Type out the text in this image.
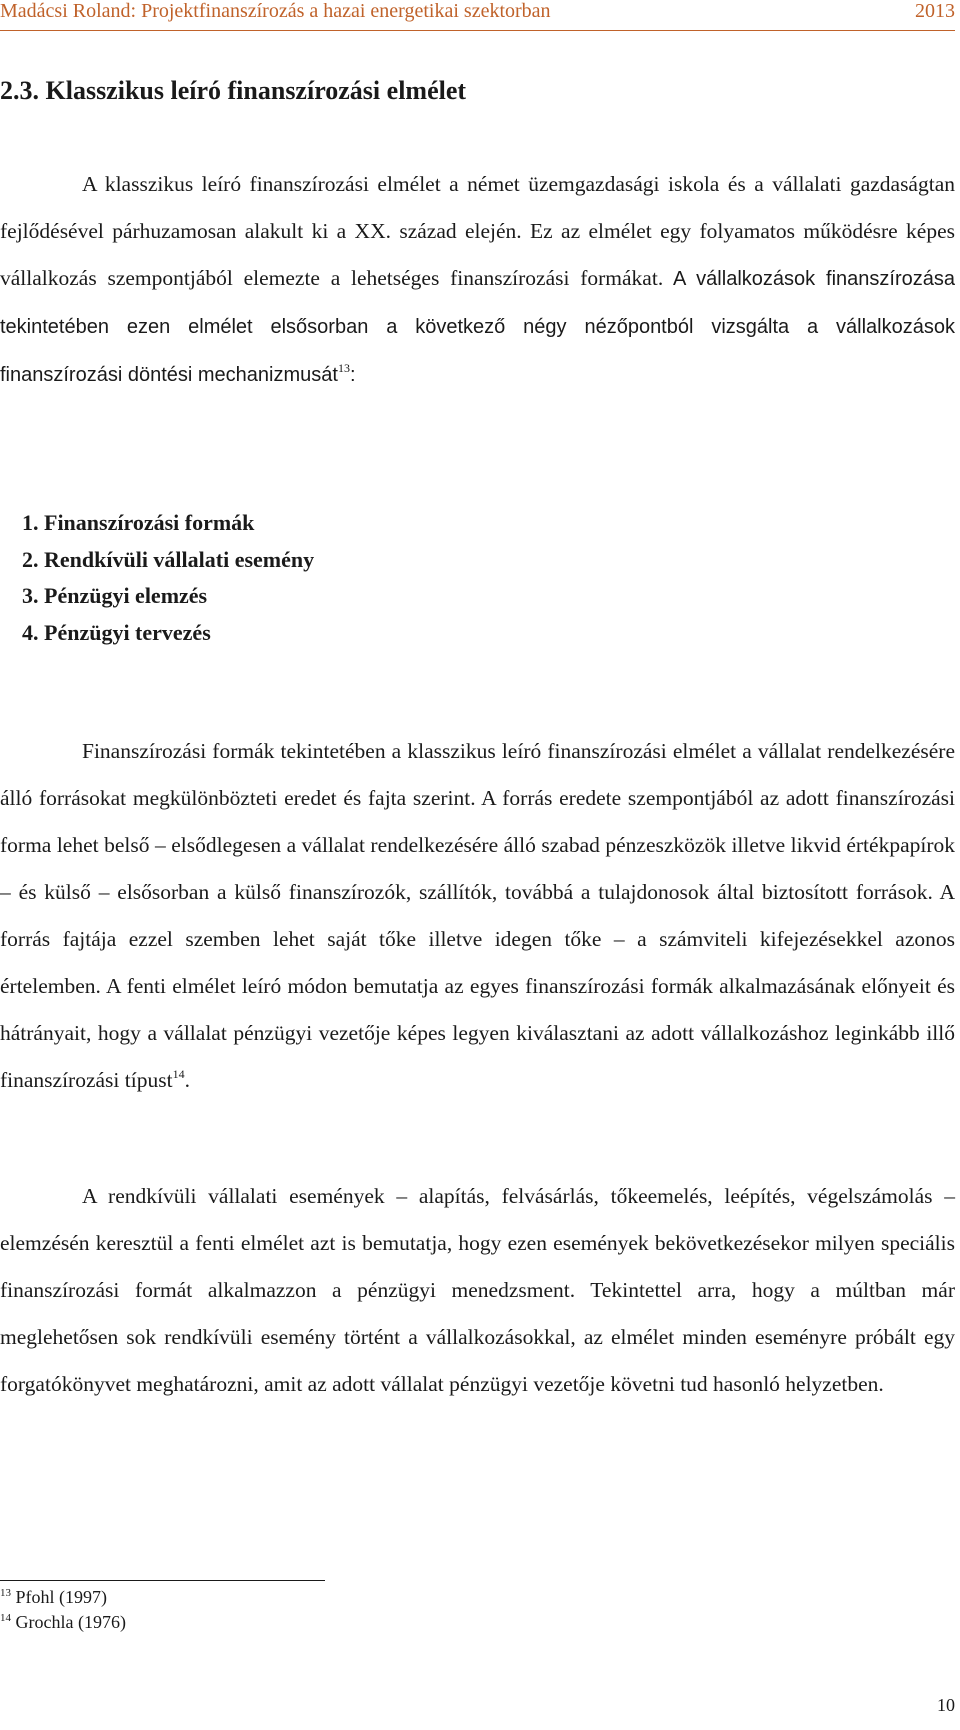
Madácsi Roland: Projektfinanszírozás a hazai energetikai szektorban	2013
2.3. Klasszikus leíró finanszírozási elmélet

A klasszikus leíró finanszírozási elmélet a német üzemgazdasági iskola és a vállalati gazdaságtan fejlődésével párhuzamosan alakult ki a XX. század elején. Ez az elmélet egy folyamatos működésre képes vállalkozás szempontjából elemezte a lehetséges finanszírozási formákat. A vállalkozások finanszírozása tekintetében ezen elmélet elsősorban a következő négy nézőpontból vizsgálta a vállalkozások finanszírozási döntési mechanizmusát$^{13}$:

1. Finanszírozási formák
2. Rendkívüli vállalati esemény
3. Pénzügyi elemzés
4. Pénzügyi tervezés

Finanszírozási formák tekintetében a klasszikus leíró finanszírozási elmélet a vállalat rendelkezésére álló forrásokat megkülönbözteti eredet és fajta szerint. A forrás eredete szempontjából az adott finanszírozási forma lehet belső – elsődlegesen a vállalat rendelkezésére álló szabad pénzeszközök illetve likvid értékpapírok – és külső – elsősorban a külső finanszírozók, szállítók, továbbá a tulajdonosok által biztosított források. A forrás fajtája ezzel szemben lehet saját tőke illetve idegen tőke – a számviteli kifejezésekkel azonos értelemben. A fenti elmélet leíró módon bemutatja az egyes finanszírozási formák alkalmazásának előnyeit és hátrányait, hogy a vállalat pénzügyi vezetője képes legyen kiválasztani az adott vállalkozáshoz leginkább illő finanszírozási típust$^{14}$.

A rendkívüli vállalati események – alapítás, felvásárlás, tőkeemelés, leépítés, végelszámolás – elemzésén keresztül a fenti elmélet azt is bemutatja, hogy ezen események bekövetkezésekor milyen speciális finanszírozási formát alkalmazzon a pénzügyi menedzsment. Tekintettel arra, hogy a múltban már meglehetősen sok rendkívüli esemény történt a vállalkozásokkal, az elmélet minden eseményre próbált egy forgatókönyvet meghatározni, amit az adott vállalat pénzügyi vezetője követni tud hasonló helyzetben.

$^{13}$ Pfohl (1997)
$^{14}$ Grochla (1976)
10
